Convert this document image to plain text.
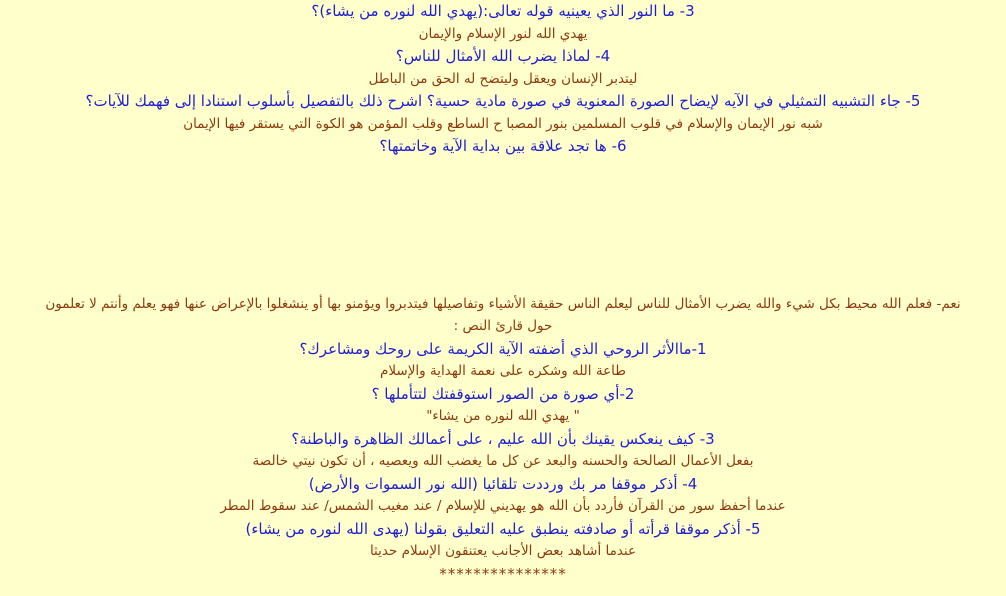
3- ما النور الذي يعينيه قوله تعالى:(يهدي الله لنوره من يشاء)؟
يهدي الله لنور الإسلام والإيمان
4- لماذا يضرب الله الأمثال للناس؟
ليتدبر الإنسان ويعقل وليتضح له الحق من الباطل
5- جاء التشبيه التمثيلي في الآيه لإيضاح الصورة المعنوية في صورة مادية حسية؟ اشرح ذلك بالتفصيل بأسلوب استنادا إلى فهمك للآيات؟
شبه نور الإيمان والإسلام في قلوب المسلمين بنور المصبا ح الساطع وقلب المؤمن هو الكوة التي يستقر فيها الإيمان
6- ها تجد علاقة بين بداية الآية وخاتمتها؟
نعم- فعلم الله محيط بكل شيء والله يضرب الأمثال للناس ليعلم الناس حقيقة الأشياء وتفاصيلها فيتدبروا ويؤمنو بها أو ينشغلوا بالإعراض عنها فهو يعلم وأنتم لا تعلمون
حول قارئ النص :
1-ماالأثر الروحي الذي أضفته الآية الكريمة على روحك ومشاعرك؟
طاعة الله وشكره على نعمة الهداية والإسلام
2-أي صورة من الصور استوقفتك لتتأملها ؟
" يهدي الله لنوره من يشاء"
3- كيف ينعكس يقينك بأن الله عليم ، على أعمالك الظاهرة والباطنة؟
بفعل الأعمال الصالحة والحسنه والبعد عن كل ما يغضب الله ويعصيه ، أن تكون نيتي خالصة
4- أذكر موقفا مر بك ورددت تلقائيا (الله نور السموات والأرض)
عندما أحفظ سور من القرآن فأردد بأن الله هو يهديني للإسلام / عند مغيب الشمس/ عند سقوط المطر
5- أذكر موقفا قرأته أو صادفته ينطبق عليه التعليق بقولنا (يهدى الله لنوره من يشاء)
عندما أشاهد بعض الأجانب يعتنقون الإسلام حديثا
***************
